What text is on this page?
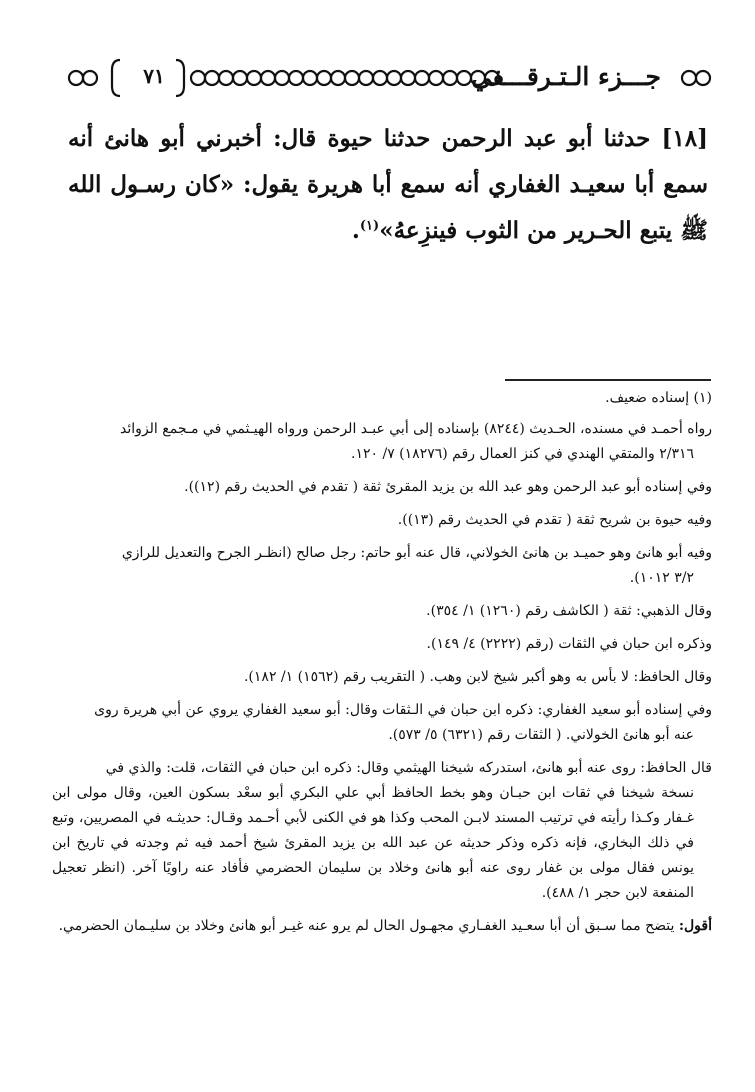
جـــزء الـتـرقـــفي
٧١
[١٨] حدثنا أبو عبد الرحمن حدثنا حيوة قال: أخبرني أبو هانئ أنه سمع أبا سعيـد الغفاري أنه سمع أبا هريرة يقول: «كان رسـول الله ﷺ يتبع الحـرير من الثوب فينزِعهُ»$^{(١)}$.
(١) إسناده ضعيف.
رواه أحمـد في مسنده، الحـديث (٨٢٤٤) بإسناده إلى أبي عبـد الرحمن ورواه الهيـثمي في مـجمع الزوائد
٢/٣١٦ والمتقي الهندي في كنز العمال رقم (١٨٢٧٦) ٧/ ١٢٠.
وفي إسناده أبو عبد الرحمن وهو عبد الله بن يزيد المقرئ ثقة ( تقدم في الحديث رقم (١٢)).
وفيه حيوة بن شريح ثقة ( تقدم في الحديث رقم (١٣)).
وفيه أبو هانئ وهو حميـد بن هانئ الخولاني، قال عنه أبو حاتم: رجل صالح (انظـر الجرح والتعديل للرازي
٣/٢ ١٠١٢).
وقال الذهبي: ثقة ( الكاشف رقم (١٢٦٠) ١/ ٣٥٤).
وذكره ابن حبان في الثقات (رقم (٢٢٢٢) ٤/ ١٤٩).
وقال الحافظ: لا بأس به وهو أكبر شيخ لابن وهب. ( التقريب رقم (١٥٦٢) ١/ ١٨٢).
وفي إسناده أبو سعيد الغفاري: ذكره ابن حبان في الـثقات وقال: أبو سعيد الغفاري يروي عن أبي هريرة روى
عنه أبو هانئ الخولاني. ( الثقات رقم (٦٣٢١) ٥/ ٥٧٣).
قال الحافظ: روى عنه أبو هانئ، استدركه شيخنا الهيثمي وقال: ذكره ابن حبان في الثقات، قلت: والذي في
نسخة شيخنا في ثقات ابن حبـان وهو بخط الحافظ أبي علي البكري أبو سعْد بسكون العين، وقال مولى ابن غـفار وكـذا رأيته في ترتيب المسند لابـن المحب وكذا هو في الكنى لأبي أحـمد وقـال: حديثـه في المصريين، وتبع في ذلك البخاري، فإنه ذكره وذكر حديثه عن عبد الله بن يزيد المقرئ شيخ أحمد فيه ثم وجدته في تاريخ ابن يونس فقال مولى بن غفار روى عنه أبو هانئ وخلاد بن سليمان الحضرمي فأفاد عنه راويًا آخر. (انظر تعجيل المنفعة لابن حجر ١/ ٤٨٨).
أقول: يتضح مما سـبق أن أبا سعـيد الغفـاري مجهـول الحال لم يرو عنه غيـر أبو هانئ وخلاد بن سليـمان الحضرمي.
